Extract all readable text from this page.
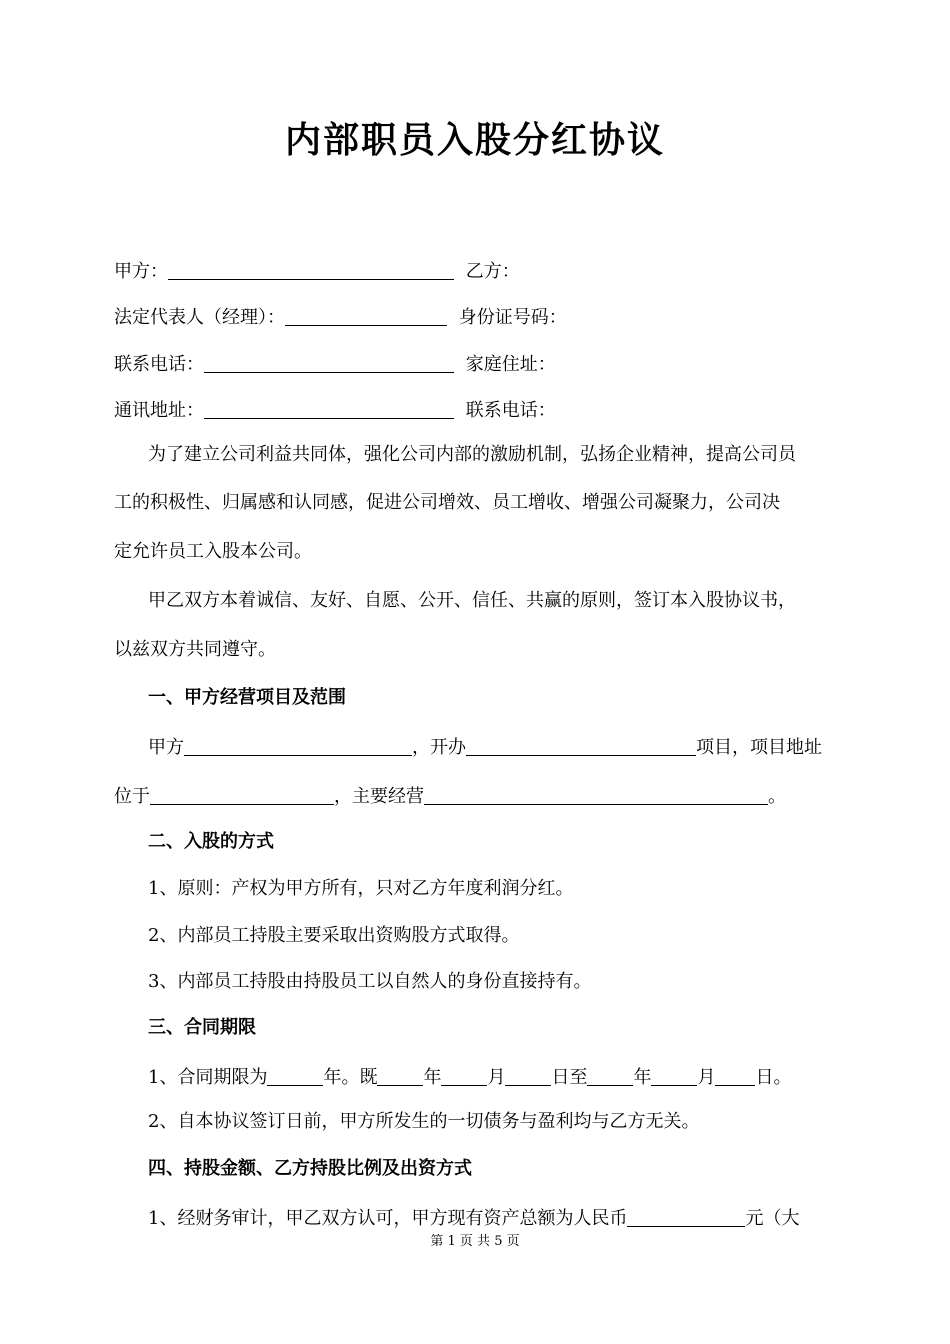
内部职员入股分红协议
甲方：	乙方：
法定代表人（经理）：	身份证号码：
联系电话：	家庭住址：
通讯地址：	联系电话：
为了建立公司利益共同体，强化公司内部的激励机制，弘扬企业精神，提高公司员
工的积极性、归属感和认同感，促进公司增效、员工增收、增强公司凝聚力，公司决
定允许员工入股本公司。
甲乙双方本着诚信、友好、自愿、公开、信任、共赢的原则，签订本入股协议书，
以兹双方共同遵守。
一、甲方经营项目及范围
甲方	，开办	项目，项目地址
位于	，主要经营	。
二、入股的方式
1、原则：产权为甲方所有，只对乙方年度利润分红。
2、内部员工持股主要采取出资购股方式取得。
3、内部员工持股由持股员工以自然人的身份直接持有。
三、合同期限
1、合同期限为	年。既	年	月	日至	年	月 日。
2、自本协议签订日前，甲方所发生的一切债务与盈利均与乙方无关。
四、持股金额、乙方持股比例及出资方式
1、经财务审计，甲乙双方认可，甲方现有资产总额为人民币	元（大
第 1 页 共 5 页
